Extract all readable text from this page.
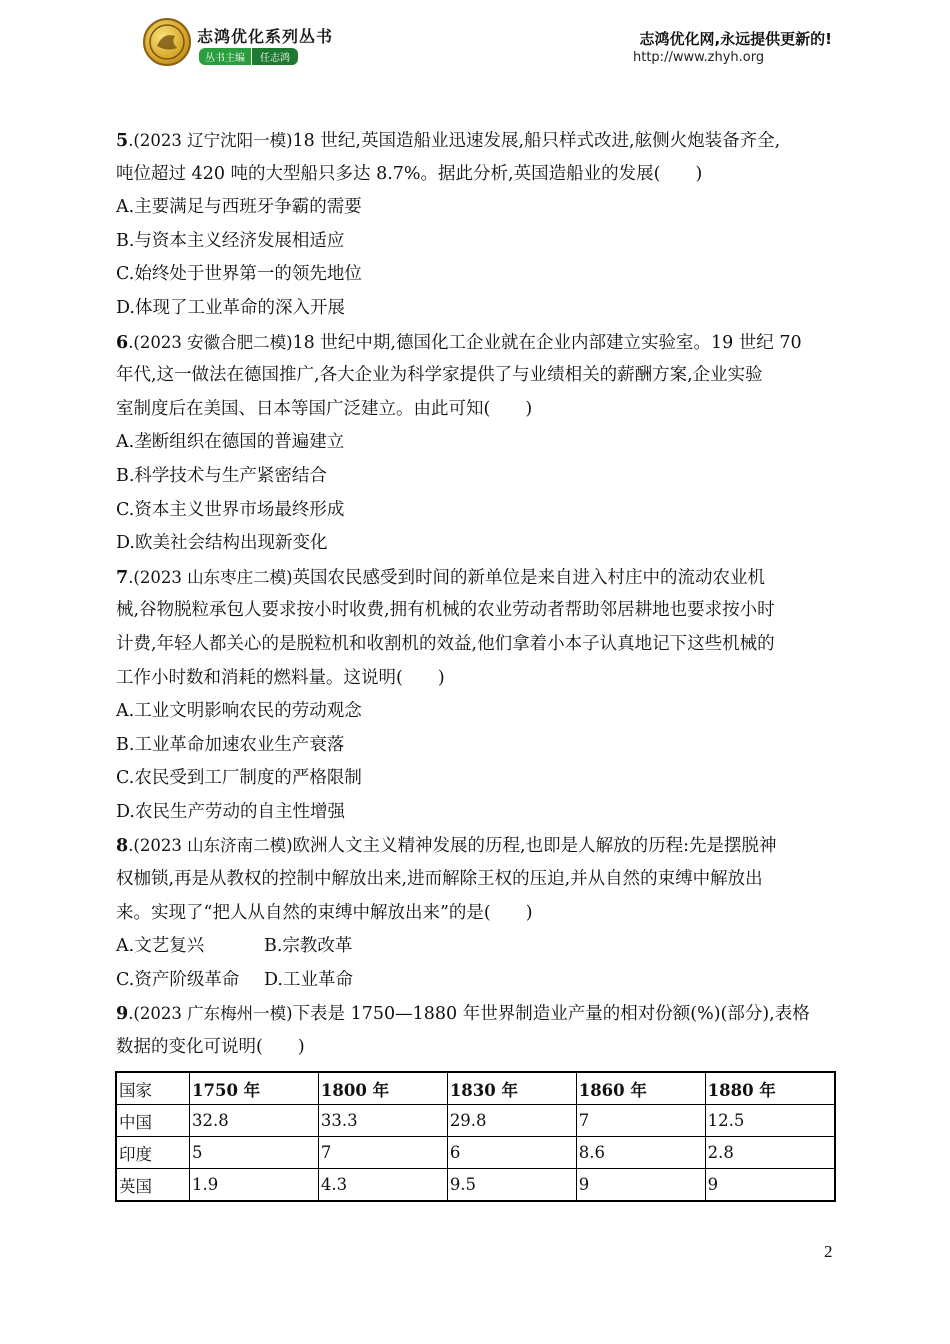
志鸿优化系列丛书
丛书主编 任志鸿
志鸿优化网,永远提供更新的!
http://www.zhyh.org
5.(2023 辽宁沈阳一模)18 世纪,英国造船业迅速发展,船只样式改进,舷侧火炮装备齐全,
吨位超过 420 吨的大型船只多达 8.7%。据此分析,英国造船业的发展(　　)
A.主要满足与西班牙争霸的需要
B.与资本主义经济发展相适应
C.始终处于世界第一的领先地位
D.体现了工业革命的深入开展
6.(2023 安徽合肥二模)18 世纪中期,德国化工企业就在企业内部建立实验室。19 世纪 70
年代,这一做法在德国推广,各大企业为科学家提供了与业绩相关的薪酬方案,企业实验
室制度后在美国、日本等国广泛建立。由此可知(　　)
A.垄断组织在德国的普遍建立
B.科学技术与生产紧密结合
C.资本主义世界市场最终形成
D.欧美社会结构出现新变化
7.(2023 山东枣庄二模)英国农民感受到时间的新单位是来自进入村庄中的流动农业机
械,谷物脱粒承包人要求按小时收费,拥有机械的农业劳动者帮助邻居耕地也要求按小时
计费,年轻人都关心的是脱粒机和收割机的效益,他们拿着小本子认真地记下这些机械的
工作小时数和消耗的燃料量。这说明(　　)
A.工业文明影响农民的劳动观念
B.工业革命加速农业生产衰落
C.农民受到工厂制度的严格限制
D.农民生产劳动的自主性增强
8.(2023 山东济南二模)欧洲人文主义精神发展的历程,也即是人解放的历程:先是摆脱神
权枷锁,再是从教权的控制中解放出来,进而解除王权的压迫,并从自然的束缚中解放出
来。实现了“把人从自然的束缚中解放出来”的是(　　)
A.文艺复兴	B.宗教改革
C.资产阶级革命 D.工业革命
9.(2023 广东梅州一模)下表是 1750—1880 年世界制造业产量的相对份额(%)(部分),表格
数据的变化可说明(　　)
国家	1750 年	1800 年	1830 年	1860 年	1880 年
中国	32.8	33.3	29.8	7	12.5
印度	5	7	6	8.6	2.8
英国	1.9	4.3	9.5	9	9
2
